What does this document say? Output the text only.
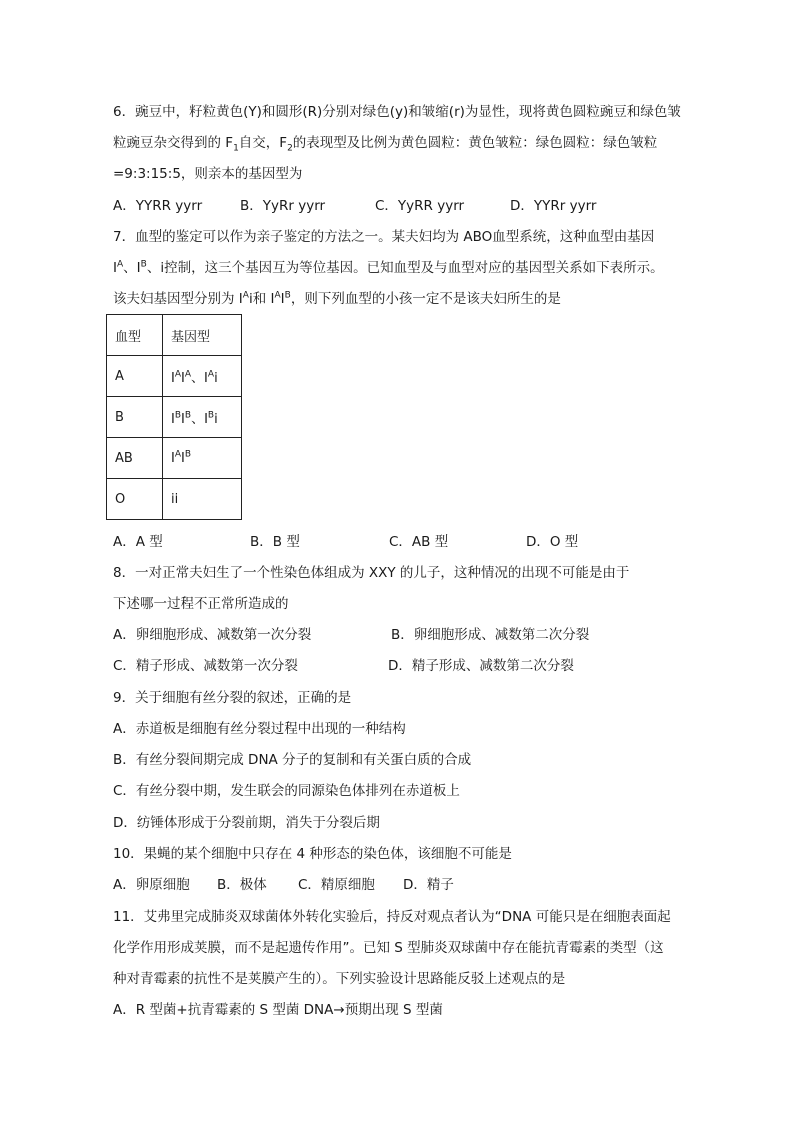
6．豌豆中，籽粒黄色(Y)和圆形(R)分别对绿色(y)和皱缩(r)为显性，现将黄色圆粒豌豆和绿色皱
粒豌豆杂交得到的 $F_1$自交，$F_2$的表现型及比例为黄色圆粒：黄色皱粒：绿色圆粒：绿色皱粒
=9:3:15:5，则亲本的基因型为
A．YYRR yyrr	B．YyRr yyrr	C．YyRR yyrr	D．YYRr yyrr
7．血型的鉴定可以作为亲子鉴定的方法之一。某夫妇均为 ABO血型系统，这种血型由基因
$I^A$、$I^B$、i控制，这三个基因互为等位基因。已知血型及与血型对应的基因型关系如下表所示。
该夫妇基因型分别为 $I^Ai$和 $I^AI^B$，则下列血型的小孩一定不是该夫妇所生的是
血型	基因型
A	$I^AI^A$、$I^Ai$
B	$I^BI^B$、$I^Bi$
AB	$I^AI^B$
O	ii
A．A 型	B．B 型	C．AB 型	D．O 型
8．一对正常夫妇生了一个性染色体组成为 XXY 的儿子，这种情况的出现不可能是由于
下述哪一过程不正常所造成的
A．卵细胞形成、减数第一次分裂	B．卵细胞形成、减数第二次分裂
C．精子形成、减数第一次分裂	D．精子形成、减数第二次分裂
9．关于细胞有丝分裂的叙述，正确的是
A．赤道板是细胞有丝分裂过程中出现的一种结构
B．有丝分裂间期完成 DNA 分子的复制和有关蛋白质的合成
C．有丝分裂中期，发生联会的同源染色体排列在赤道板上
D．纺锤体形成于分裂前期，消失于分裂后期
10．果蝇的某个细胞中只存在 4 种形态的染色体，该细胞不可能是
A．卵原细胞 B．极体 C．精原细胞 D．精子
11．艾弗里完成肺炎双球菌体外转化实验后，持反对观点者认为“DNA 可能只是在细胞表面起
化学作用形成荚膜，而不是起遗传作用”。已知 S 型肺炎双球菌中存在能抗青霉素的类型（这
种对青霉素的抗性不是荚膜产生的）。下列实验设计思路能反驳上述观点的是
A．R 型菌+抗青霉素的 S 型菌 DNA→预期出现 S 型菌
